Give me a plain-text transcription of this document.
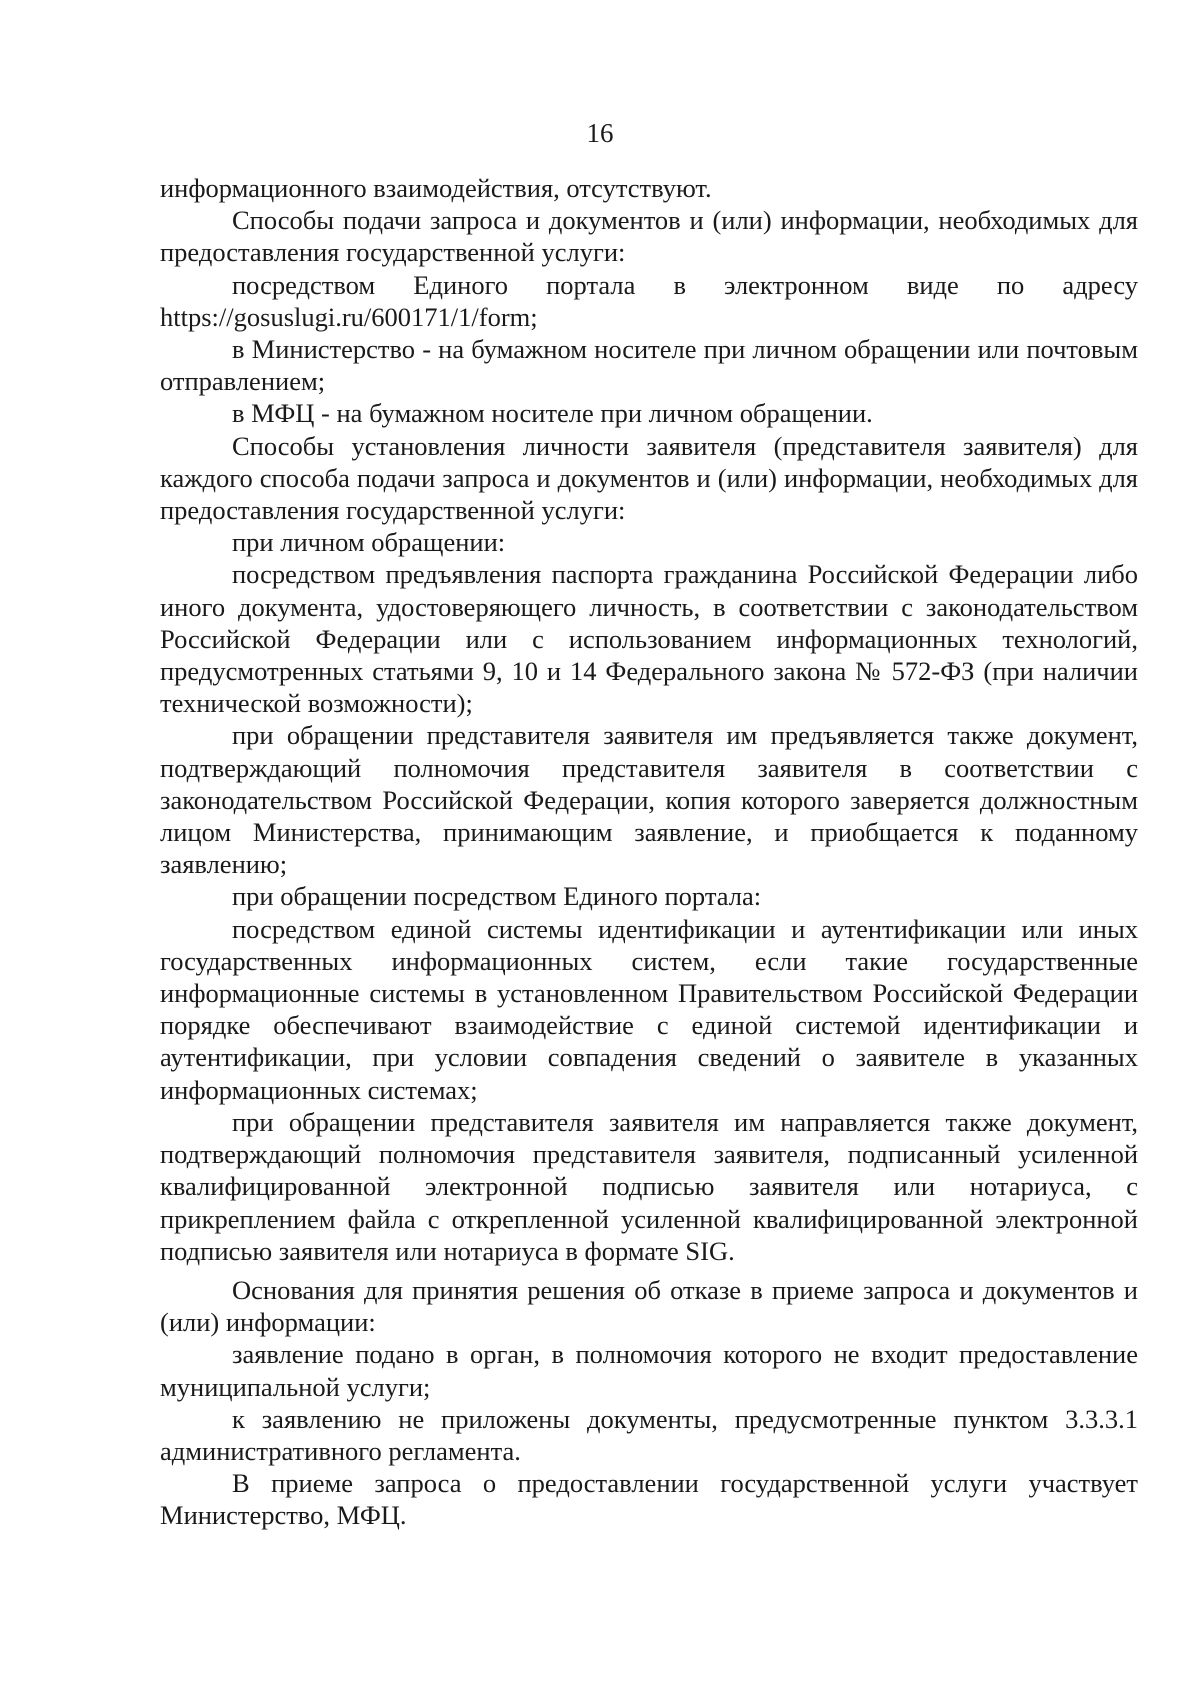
16

информационного взаимодействия, отсутствуют.

Способы подачи запроса и документов и (или) информации, необходимых для предоставления государственной услуги:

посредством Единого портала в электронном виде по адресу https://gosuslugi.ru/600171/1/form;

в Министерство - на бумажном носителе при личном обращении или почтовым отправлением;

в МФЦ - на бумажном носителе при личном обращении.

Способы установления личности заявителя (представителя заявителя) для каждого способа подачи запроса и документов и (или) информации, необходимых для предоставления государственной услуги:

при личном обращении:

посредством предъявления паспорта гражданина Российской Федерации либо иного документа, удостоверяющего личность, в соответствии с законодательством Российской Федерации или с использованием информационных технологий, предусмотренных статьями 9, 10 и 14 Федерального закона № 572-ФЗ (при наличии технической возможности);

при обращении представителя заявителя им предъявляется также документ, подтверждающий полномочия представителя заявителя в соответствии с законодательством Российской Федерации, копия которого заверяется должностным лицом Министерства, принимающим заявление, и приобщается к поданному заявлению;

при обращении посредством Единого портала:

посредством единой системы идентификации и аутентификации или иных государственных информационных систем, если такие государственные информационные системы в установленном Правительством Российской Федерации порядке обеспечивают взаимодействие с единой системой идентификации и аутентификации, при условии совпадения сведений о заявителе в указанных информационных системах;

при обращении представителя заявителя им направляется также документ, подтверждающий полномочия представителя заявителя, подписанный усиленной квалифицированной электронной подписью заявителя или нотариуса, с прикреплением файла с открепленной усиленной квалифицированной электронной подписью заявителя или нотариуса в формате SIG.

Основания для принятия решения об отказе в приеме запроса и документов и (или) информации:

заявление подано в орган, в полномочия которого не входит предоставление муниципальной услуги;

к заявлению не приложены документы, предусмотренные пунктом 3.3.3.1 административного регламента.

В приеме запроса о предоставлении государственной услуги участвует Министерство, МФЦ.
